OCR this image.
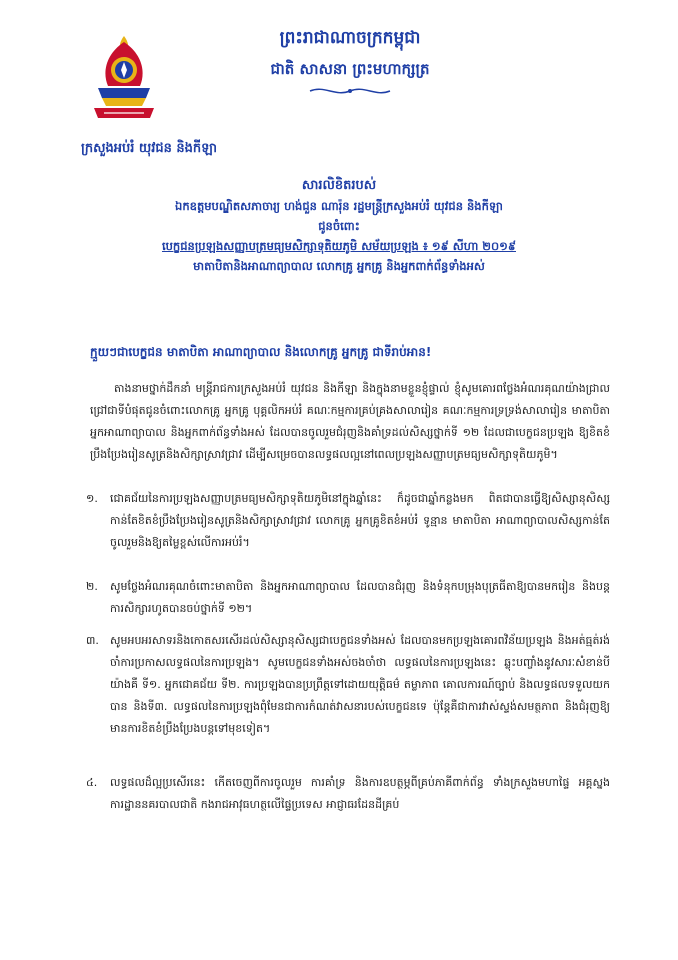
ក្រសួងអប់រំ យុវជន និងកីឡា
ព្រះរាជាណាចក្រកម្ពុជា
ជាតិ សាសនា ព្រះមហាក្សត្រ
សារលិខិតរបស់
ឯកឧត្តមបណ្ឌិតសភាចារ្យ ហង់ជួន ណារ៉ុន រដ្ឋមន្ត្រីក្រសួងអប់រំ យុវជន និងកីឡា
ជូនចំពោះ
បេក្ខជនប្រឡងសញ្ញាបត្រមធ្យមសិក្សាទុតិយភូមិ សម័យប្រឡង ៖ ១៩ សីហា ២០១៩
មាតាបិតានិងអាណាព្យាបាល លោកគ្រូ អ្នកគ្រូ និងអ្នកពាក់ព័ន្ធទាំងអស់
ក្មួយៗជាបេក្ខជន មាតាបិតា អាណាព្យាបាល និងលោកគ្រូ អ្នកគ្រូ ជាទីរាប់អាន!
តាងនាមថ្នាក់ដឹកនាំ មន្ត្រីរាជការក្រសួងអប់រំ យុវជន និងកីឡា និងក្នុងនាមខ្លួនខ្ញុំផ្ទាល់ ខ្ញុំសូមគោរពថ្លែងអំណរគុណយ៉ាងជ្រាលជ្រៅជាទីបំផុតជូនចំពោះលោកគ្រូ អ្នកគ្រូ បុគ្គលិកអប់រំ គណៈកម្មការគ្រប់គ្រងសាលារៀន គណៈកម្មការទ្រទ្រង់សាលារៀន មាតាបិតា អ្នកអាណាព្យាបាល និងអ្នកពាក់ព័ន្ធទាំងអស់ ដែលបានចូលរួមជំរុញនិងគាំទ្រដល់សិស្សថ្នាក់ទី ១២ ដែលជាបេក្ខជនប្រឡង ឱ្យខិតខំប្រឹងប្រែងរៀនសូត្រនិងសិក្សាស្រាវជ្រាវ ដើម្បីសម្រេចបានលទ្ធផលល្អនៅពេលប្រឡងសញ្ញាបត្រមធ្យមសិក្សាទុតិយភូមិ។
១. ជោគជ័យនៃការប្រឡងសញ្ញាបត្រមធ្យមសិក្សាទុតិយភូមិនៅក្នុងឆ្នាំនេះ ក៏ដូចជាឆ្នាំកន្លងមក ពិតជាបានធ្វើឱ្យសិស្សានុសិស្សកាន់តែខិតខំប្រឹងប្រែងរៀនសូត្រនិងសិក្សាស្រាវជ្រាវ លោកគ្រូ អ្នកគ្រូខិតខំអប់រំ ទូន្មាន មាតាបិតា អាណាព្យាបាលសិស្សកាន់តែចូលរួមនិងឱ្យតម្លៃខ្ពស់លើការអប់រំ។
២. សូមថ្លែងអំណរគុណចំពោះមាតាបិតា និងអ្នកអាណាព្យាបាល ដែលបានជំរុញ និងទំនុកបម្រុងបុត្រធីតាឱ្យបានមករៀន និងបន្តការសិក្សារហូតបានចប់ថ្នាក់ទី ១២។
៣. សូមអបអរសាទរនិងកោតសរសើរដល់សិស្សានុសិស្សជាបេក្ខជនទាំងអស់ ដែលបានមកប្រឡងគោរពវិន័យប្រឡង និងអត់ធ្មត់រង់ចាំការប្រកាសលទ្ធផលនៃការប្រឡង។ សូមបេក្ខជនទាំងអស់ចងចាំថា លទ្ធផលនៃការប្រឡងនេះ ឆ្លុះបញ្ចាំងនូវសារៈសំខាន់បីយ៉ាងគឺ ទី១. អ្នកជោគជ័យ ទី២. ការប្រឡងបានប្រព្រឹត្តទៅដោយយុត្តិធម៌ តម្លាភាព គោលការណ៍ច្បាប់ និងលទ្ធផលទទួលយកបាន និងទី៣. លទ្ធផលនៃការប្រឡងពុំមែនជាការកំណត់វាសនារបស់បេក្ខជនទេ ប៉ុន្តែគឺជាការវាស់ស្ទង់សមត្ថភាព និងជំរុញឱ្យមានការខិតខំប្រឹងប្រែងបន្តទៅមុខទៀត។
៤. លទ្ធផលដ៏ល្អប្រសើរនេះ កើតចេញពីការចូលរួម ការគាំទ្រ និងការឧបត្ថម្ភពីគ្រប់ភាគីពាក់ព័ន្ធ ទាំងក្រសួងមហាផ្ទៃ អគ្គស្នងការដ្ឋាននគរបាលជាតិ កងរាជអាវុធហត្ថលើផ្ទៃប្រទេស អាជ្ញាធរដែនដីគ្រប់
